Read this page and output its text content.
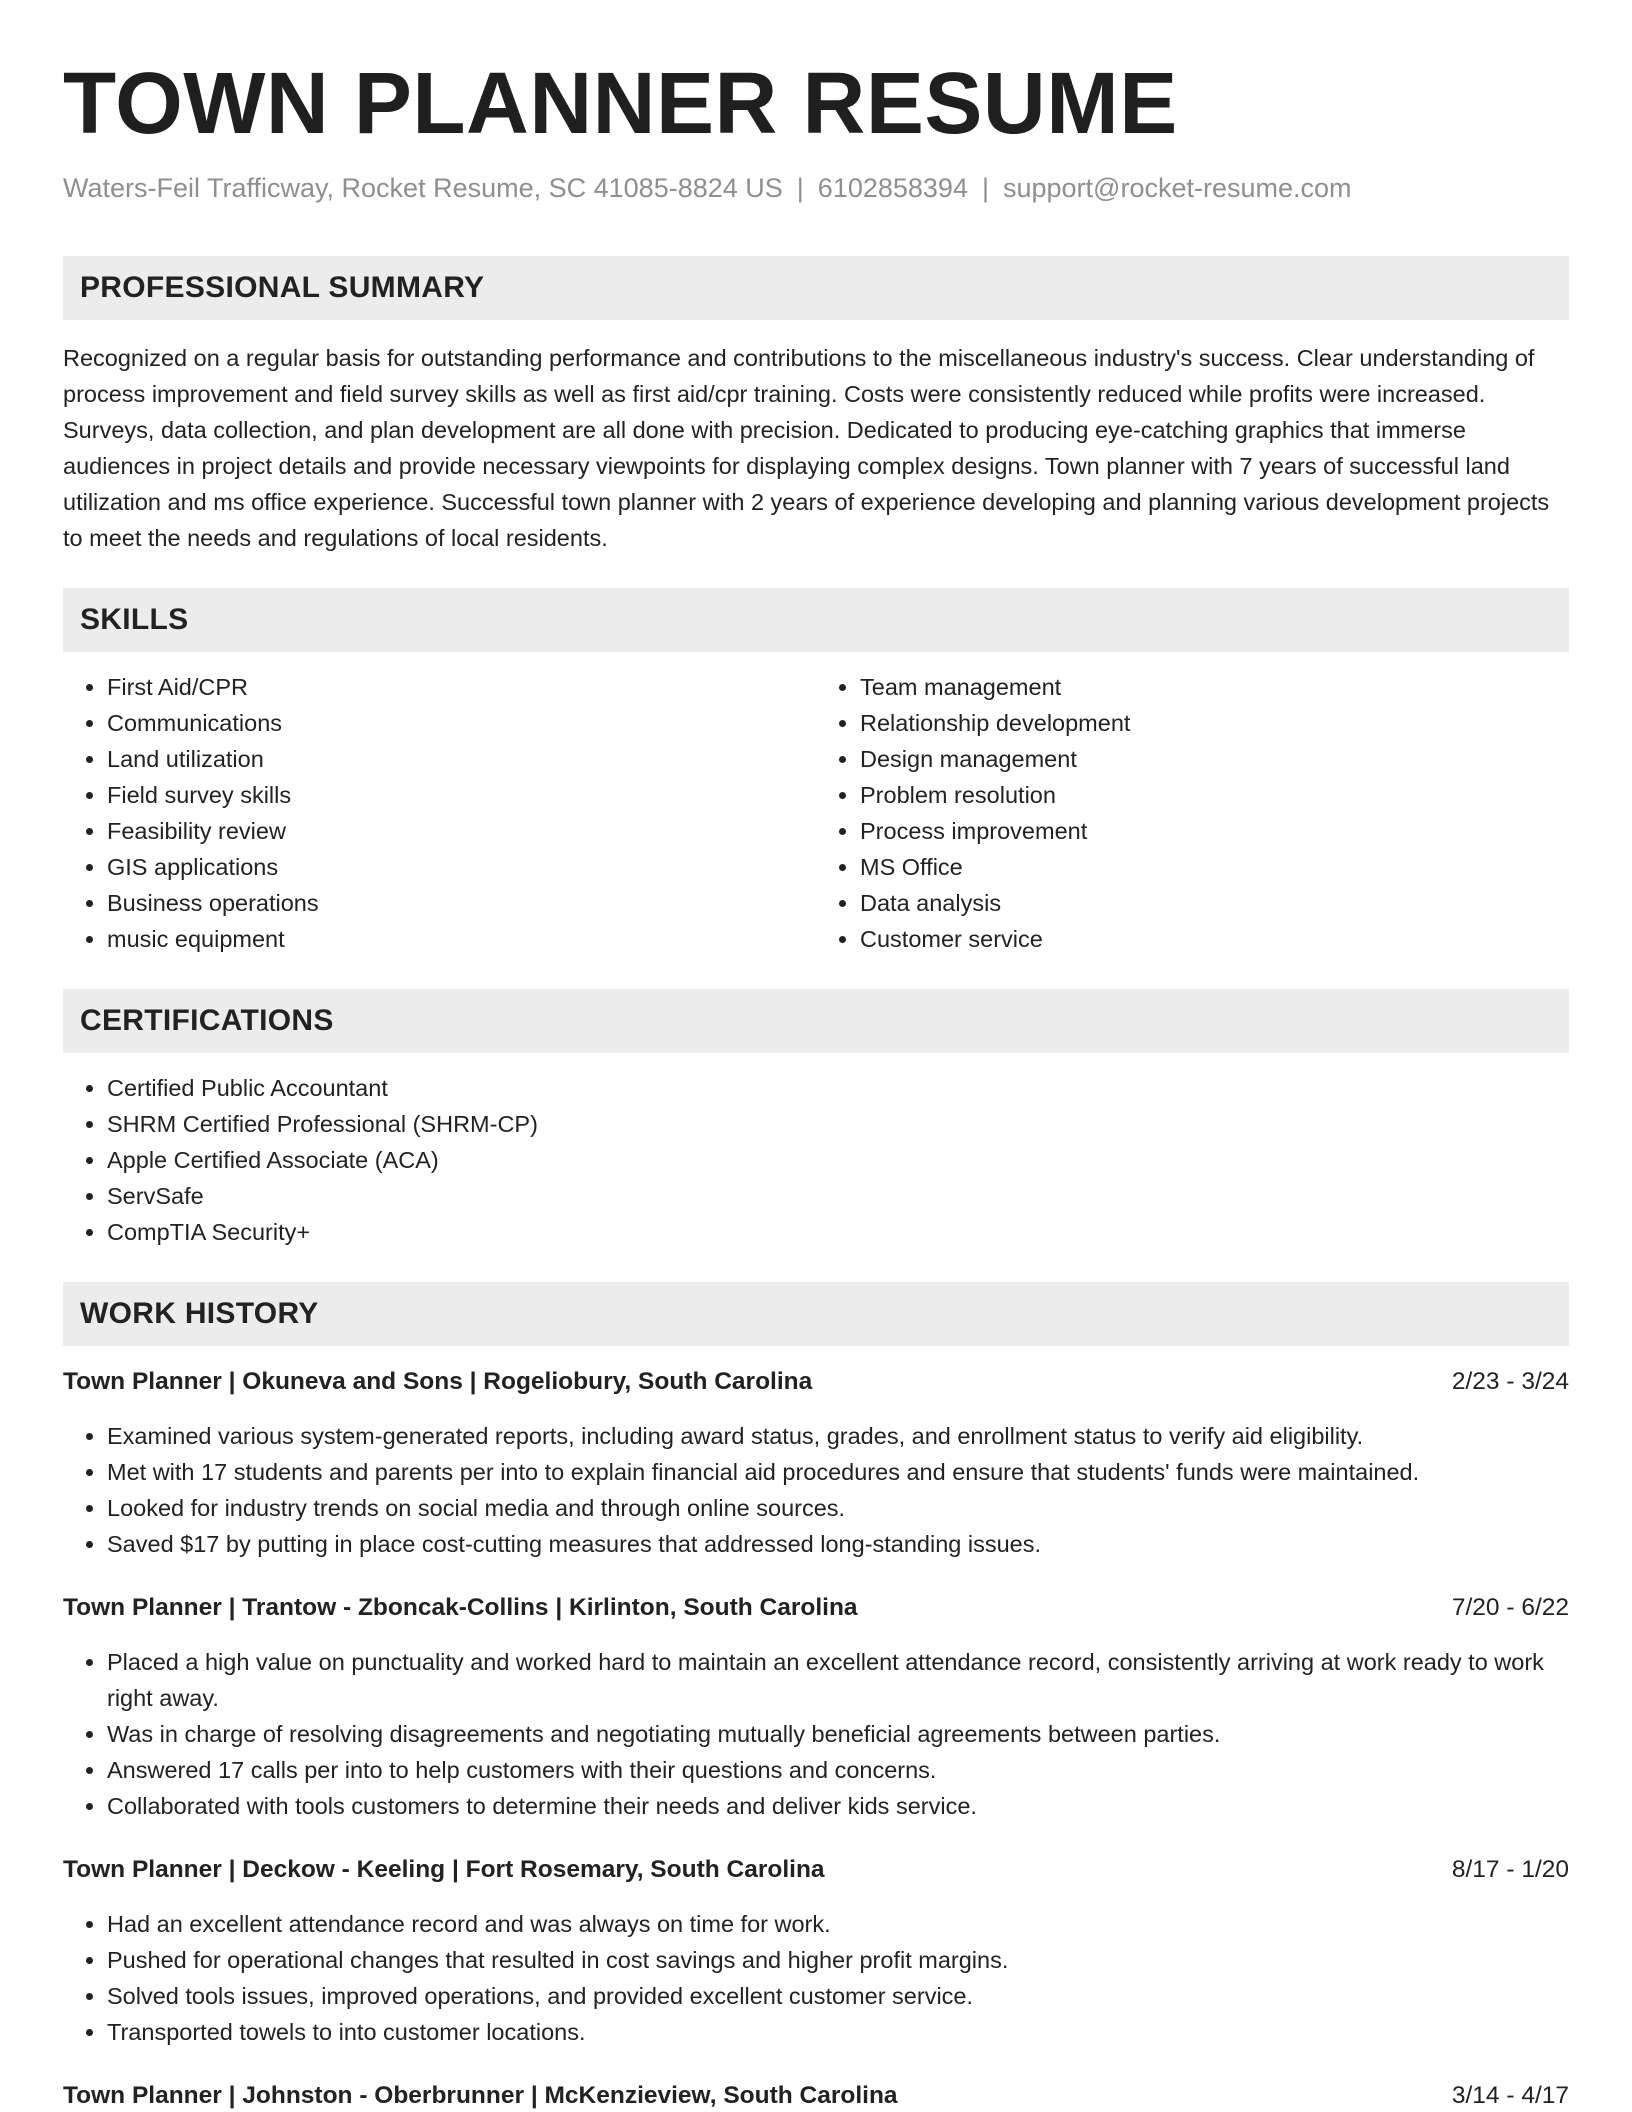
TOWN PLANNER RESUME
Waters-Feil Trafficway, Rocket Resume, SC 41085-8824 US | 6102858394 | support@rocket-resume.com
PROFESSIONAL SUMMARY

Recognized on a regular basis for outstanding performance and contributions to the miscellaneous industry's success. Clear understanding of process improvement and field survey skills as well as first aid/cpr training. Costs were consistently reduced while profits were increased. Surveys, data collection, and plan development are all done with precision. Dedicated to producing eye-catching graphics that immerse audiences in project details and provide necessary viewpoints for displaying complex designs. Town planner with 7 years of successful land utilization and ms office experience. Successful town planner with 2 years of experience developing and planning various development projects to meet the needs and regulations of local residents.

SKILLS
• First Aid/CPR
• Communications
• Land utilization
• Field survey skills
• Feasibility review
• GIS applications
• Business operations
• music equipment
• Team management
• Relationship development
• Design management
• Problem resolution
• Process improvement
• MS Office
• Data analysis
• Customer service
CERTIFICATIONS
• Certified Public Accountant
• SHRM Certified Professional (SHRM-CP)
• Apple Certified Associate (ACA)
• ServSafe
• CompTIA Security+
WORK HISTORY
Town Planner | Okuneva and Sons | Rogeliobury, South Carolina	2/23 - 3/24
• Examined various system-generated reports, including award status, grades, and enrollment status to verify aid eligibility.
• Met with 17 students and parents per into to explain financial aid procedures and ensure that students' funds were maintained.
• Looked for industry trends on social media and through online sources.
• Saved $17 by putting in place cost-cutting measures that addressed long-standing issues.
Town Planner | Trantow - Zboncak-Collins | Kirlinton, South Carolina	7/20 - 6/22
• Placed a high value on punctuality and worked hard to maintain an excellent attendance record, consistently arriving at work ready to work right away.
• Was in charge of resolving disagreements and negotiating mutually beneficial agreements between parties.
• Answered 17 calls per into to help customers with their questions and concerns.
• Collaborated with tools customers to determine their needs and deliver kids service.
Town Planner | Deckow - Keeling | Fort Rosemary, South Carolina	8/17 - 1/20
• Had an excellent attendance record and was always on time for work.
• Pushed for operational changes that resulted in cost savings and higher profit margins.
• Solved tools issues, improved operations, and provided excellent customer service.
• Transported towels to into customer locations.
Town Planner | Johnston - Oberbrunner | McKenzieview, South Carolina	3/14 - 4/17
